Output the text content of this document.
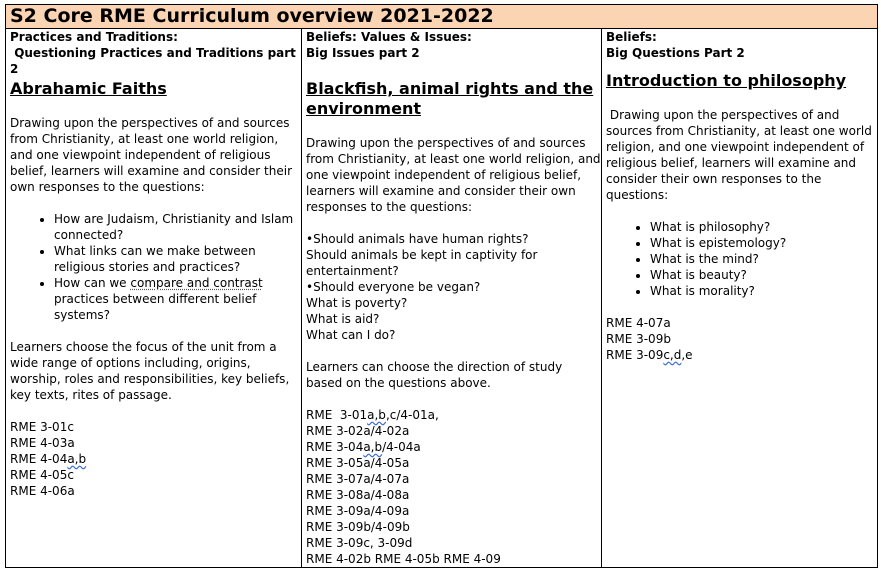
S2 Core RME Curriculum overview 2021-2022

Practices and Traditions:

Questioning Practices and Traditions part 2

Abrahamic Faiths

Drawing upon the perspectives of and sources from Christianity, at least one world religion, and one viewpoint independent of religious belief, learners will examine and consider their own responses to the questions:

• How are Judaism, Christianity and Islam connected?
• What links can we make between religious stories and practices?
• How can we compare and contrast practices between different belief systems?

Learners choose the focus of the unit from a wide range of options including, origins, worship, roles and responsibilities, key beliefs, key texts, rites of passage.

RME 3-01c
RME 4-03a
RME 4-04a,b
RME 4-05c
RME 4-06a

Beliefs: Values & Issues:

Big Issues part 2

Blackfish, animal rights and the environment

Drawing upon the perspectives of and sources from Christianity, at least one world religion, and one viewpoint independent of religious belief, learners will examine and consider their own responses to the questions:

•Should animals have human rights?

Should animals be kept in captivity for entertainment?

•Should everyone be vegan?

What is poverty?

What is aid?

What can I do?

Learners can choose the direction of study based on the questions above.

RME  3-01a,b,c/4-01a,
RME 3-02a/4-02a
RME 3-04a,b/4-04a
RME 3-05a/4-05a
RME 3-07a/4-07a
RME 3-08a/4-08a
RME 3-09a/4-09a
RME 3-09b/4-09b
RME 3-09c, 3-09d
RME 4-02b RME 4-05b RME 4-09

Beliefs:

Big Questions Part 2

Introduction to philosophy

Drawing upon the perspectives of and sources from Christianity, at least one world religion, and one viewpoint independent of religious belief, learners will examine and consider their own responses to the questions:

• What is philosophy?
• What is epistemology?
• What is the mind?
• What is beauty?
• What is morality?
RME 4-07a
RME 3-09b
RME 3-09c,d,e
